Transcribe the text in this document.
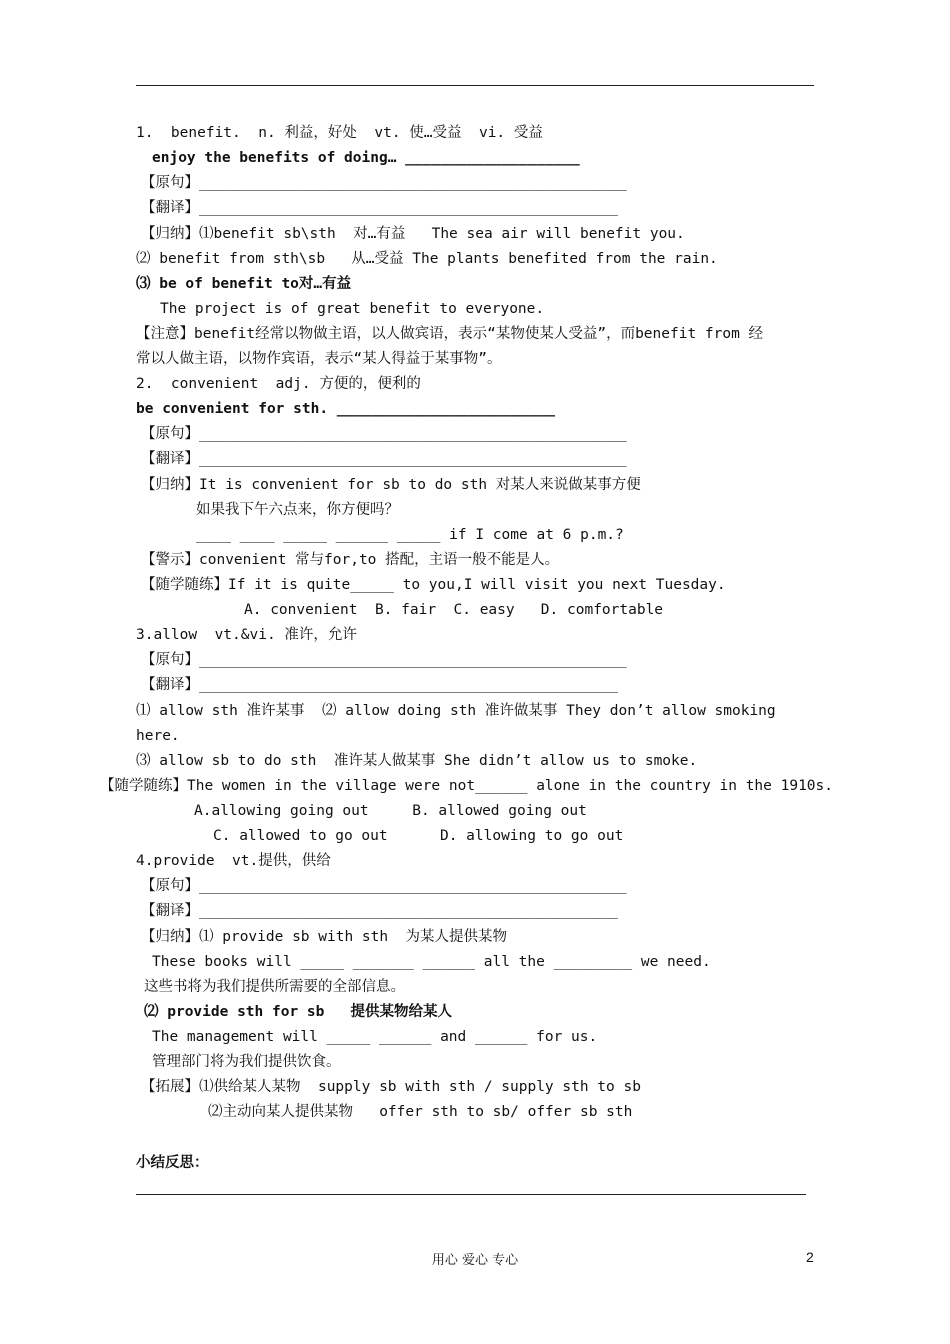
1.  benefit.  n. 利益，好处  vt. 使…受益  vi. 受益
enjoy the benefits of doing… ____________________
【原句】_________________________________________________
【翻译】________________________________________________
【归纳】⑴benefit sb\sth  对…有益   The sea air will benefit you.
⑵ benefit from sth\sb   从…受益 The plants benefited from the rain.
⑶ be of benefit to对…有益
The project is of great benefit to everyone.
【注意】benefit经常以物做主语，以人做宾语，表示“某物使某人受益”，而benefit from 经
常以人做主语，以物作宾语，表示“某人得益于某事物”。
2.  convenient  adj. 方便的，便利的
be convenient for sth. _________________________
【原句】_________________________________________________
【翻译】_________________________________________________
【归纳】It is convenient for sb to do sth 对某人来说做某事方便
如果我下午六点来，你方便吗？
____ ____ _____ ______ _____ if I come at 6 p.m.?
【警示】convenient 常与for,to 搭配，主语一般不能是人。
【随学随练】If it is quite_____ to you,I will visit you next Tuesday.
A. convenient  B. fair  C. easy   D. comfortable
3.allow  vt.&vi. 准许，允许
【原句】_________________________________________________
【翻译】________________________________________________
⑴ allow sth 准许某事  ⑵ allow doing sth 准许做某事 They don’t allow smoking
here.
⑶ allow sb to do sth  准许某人做某事 She didn’t allow us to smoke.
【随学随练】The women in the village were not______ alone in the country in the 1910s.
A.allowing going out     B. allowed going out
C. allowed to go out      D. allowing to go out
4.provide  vt.提供，供给
【原句】_________________________________________________
【翻译】________________________________________________
【归纳】⑴ provide sb with sth  为某人提供某物
These books will _____ _______ ______ all the _________ we need.
这些书将为我们提供所需要的全部信息。
⑵ provide sth for sb   提供某物给某人
The management will _____ ______ and ______ for us.
管理部门将为我们提供饮食。
【拓展】⑴供给某人某物  supply sb with sth / supply sth to sb
⑵主动向某人提供某物   offer sth to sb/ offer sb sth
小结反思：
用心 爱心 专心	2
